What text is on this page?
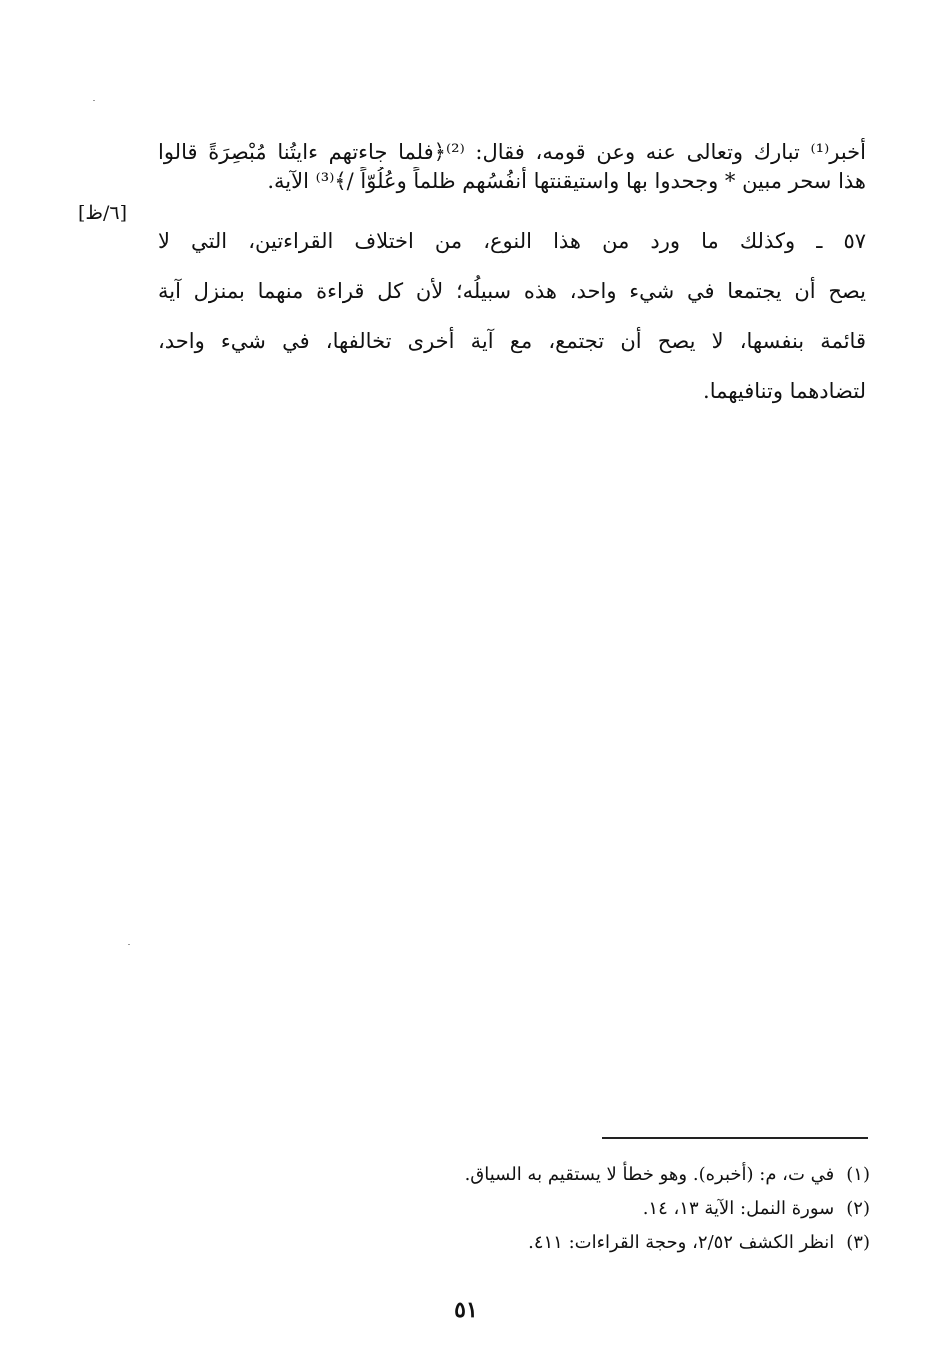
أخبر⁽¹⁾ تبارك وتعالى عنه وعن قومه، فقال: ⁽²⁾﴿فلما جاءتهم ءايتُنا مُبْصِرَةً قالوا
هذا سحر مبين * وجحدوا بها واستيقنتها أنفُسُهم ظلماً وعُلُوّاً /﴾⁽³⁾ الآية.
٥٧ ـ وكذلك ما ورد من هذا النوع، من اختلاف القراءتين، التي لا
يصح أن يجتمعا في شيء واحد، هذه سبيلُه؛ لأن كل قراءة منهما بمنزل آية
قائمة بنفسها، لا يصح أن تجتمع، مع آية أخرى تخالفها، في شيء واحد،
لتضادهما وتنافيهما.
[٦/ظ]
(١)في ت، م: (أخبره). وهو خطأ لا يستقيم به السياق.
(٢)سورة النمل: الآية ١٣، ١٤.
(٣)انظر الكشف ٢/٥٢، وحجة القراءات: ٤١١.
٥١
